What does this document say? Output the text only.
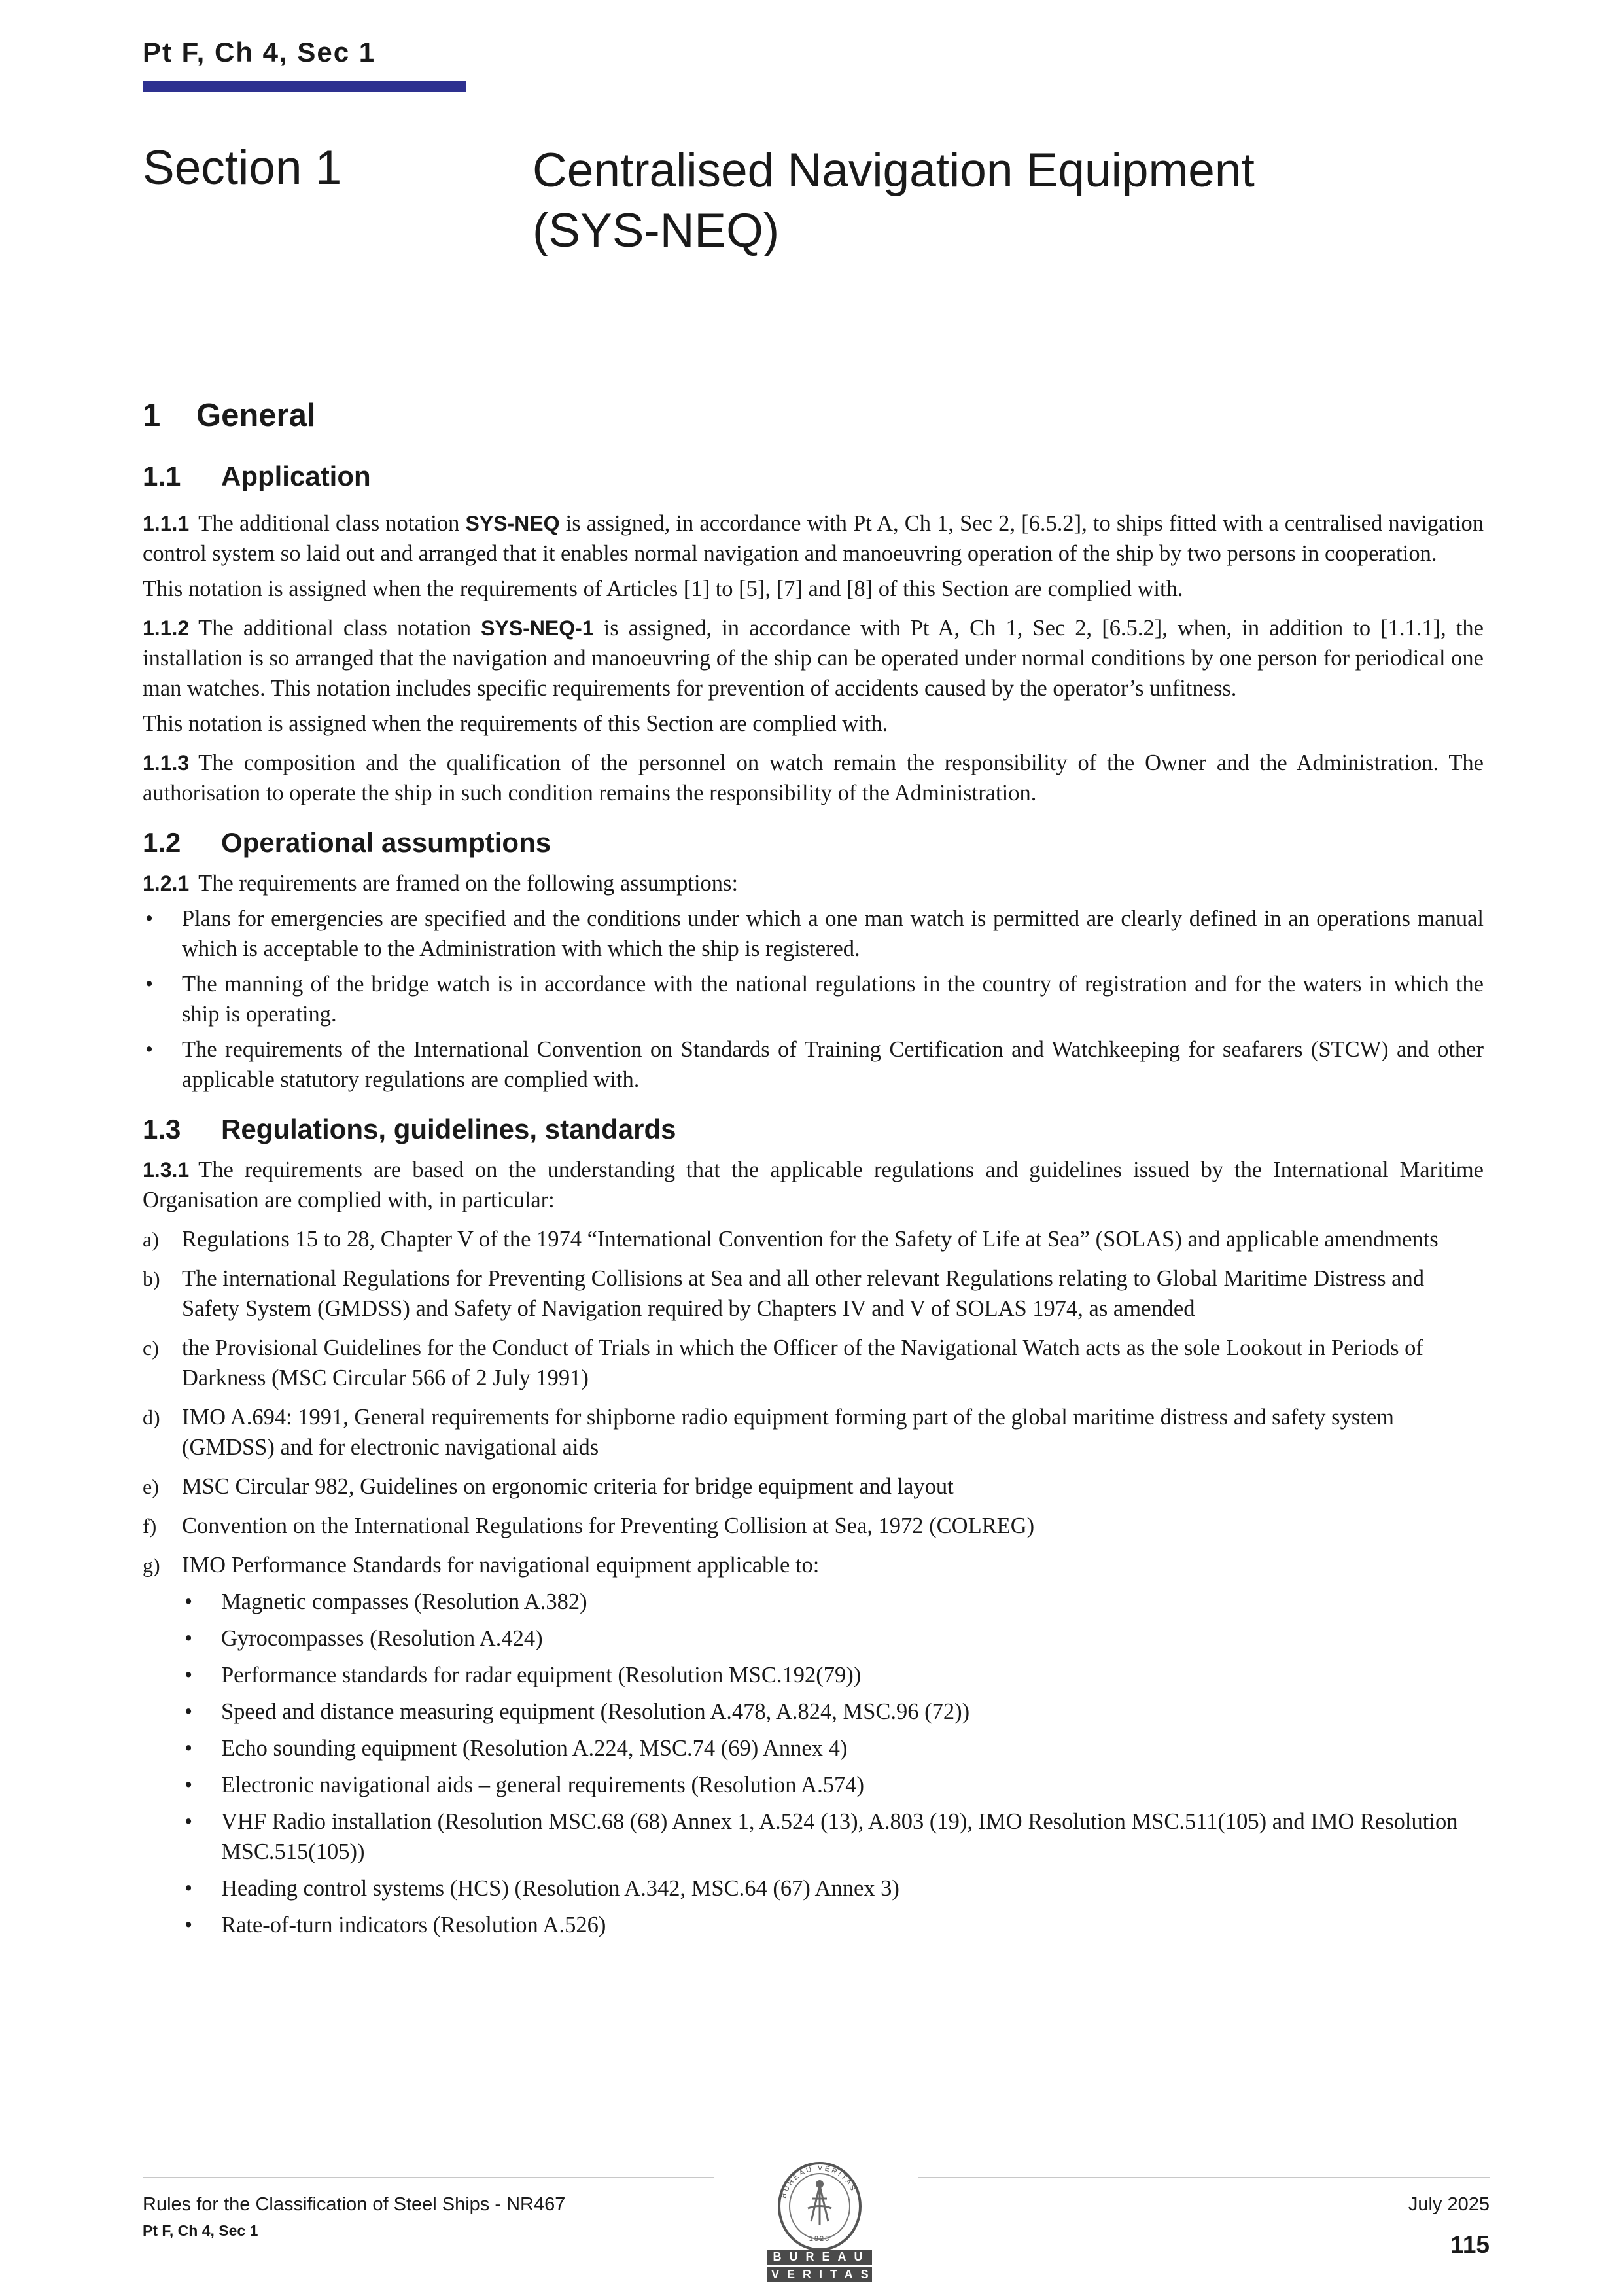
Pt F, Ch 4, Sec 1
Section 1	Centralised Navigation Equipment
(SYS-NEQ)
1	General
1.1	Application

1.1.1 The additional class notation SYS-NEQ is assigned, in accordance with Pt A, Ch 1, Sec 2, [6.5.2], to ships fitted with a centralised navigation control system so laid out and arranged that it enables normal navigation and manoeuvring operation of the ship by two persons in cooperation.

This notation is assigned when the requirements of Articles [1] to [5], [7] and [8] of this Section are complied with.

1.1.2 The additional class notation SYS-NEQ-1 is assigned, in accordance with Pt A, Ch 1, Sec 2, [6.5.2], when, in addition to [1.1.1], the installation is so arranged that the navigation and manoeuvring of the ship can be operated under normal conditions by one person for periodical one man watches. This notation includes specific requirements for prevention of accidents caused by the operator’s unfitness.

This notation is assigned when the requirements of this Section are complied with.

1.1.3 The composition and the qualification of the personnel on watch remain the responsibility of the Owner and the Administration. The authorisation to operate the ship in such condition remains the responsibility of the Administration.

1.2	Operational assumptions

1.2.1 The requirements are framed on the following assumptions:

• Plans for emergencies are specified and the conditions under which a one man watch is permitted are clearly defined in an operations manual which is acceptable to the Administration with which the ship is registered.
• The manning of the bridge watch is in accordance with the national regulations in the country of registration and for the waters in which the ship is operating.
• The requirements of the International Convention on Standards of Training Certification and Watchkeeping for seafarers (STCW) and other applicable statutory regulations are complied with.
1.3	Regulations, guidelines, standards

1.3.1 The requirements are based on the understanding that the applicable regulations and guidelines issued by the International Maritime Organisation are complied with, in particular:

a) Regulations 15 to 28, Chapter V of the 1974 “International Convention for the Safety of Life at Sea” (SOLAS) and applicable amendments
b) The international Regulations for Preventing Collisions at Sea and all other relevant Regulations relating to Global Maritime Distress and Safety System (GMDSS) and Safety of Navigation required by Chapters IV and V of SOLAS 1974, as amended
c) the Provisional Guidelines for the Conduct of Trials in which the Officer of the Navigational Watch acts as the sole Lookout in Periods of Darkness (MSC Circular 566 of 2 July 1991)
d) IMO A.694: 1991, General requirements for shipborne radio equipment forming part of the global maritime distress and safety system (GMDSS) and for electronic navigational aids
e) MSC Circular 982, Guidelines on ergonomic criteria for bridge equipment and layout
f) Convention on the International Regulations for Preventing Collision at Sea, 1972 (COLREG)
g) IMO Performance Standards for navigational equipment applicable to:
• Magnetic compasses (Resolution A.382)
• Gyrocompasses (Resolution A.424)
• Performance standards for radar equipment (Resolution MSC.192(79))
• Speed and distance measuring equipment (Resolution A.478, A.824, MSC.96 (72))
• Echo sounding equipment (Resolution A.224, MSC.74 (69) Annex 4)
• Electronic navigational aids – general requirements (Resolution A.574)
• VHF Radio installation (Resolution MSC.68 (68) Annex 1, A.524 (13), A.803 (19), IMO Resolution MSC.511(105) and IMO Resolution MSC.515(105))
• Heading control systems (HCS) (Resolution A.342, MSC.64 (67) Annex 3)
• Rate-of-turn indicators (Resolution A.526)
Rules for the Classification of Steel Ships - NR467
Pt F, Ch 4, Sec 1
July 2025
115
BUREAU VERITAS
1828
BUREAU
VERITAS
